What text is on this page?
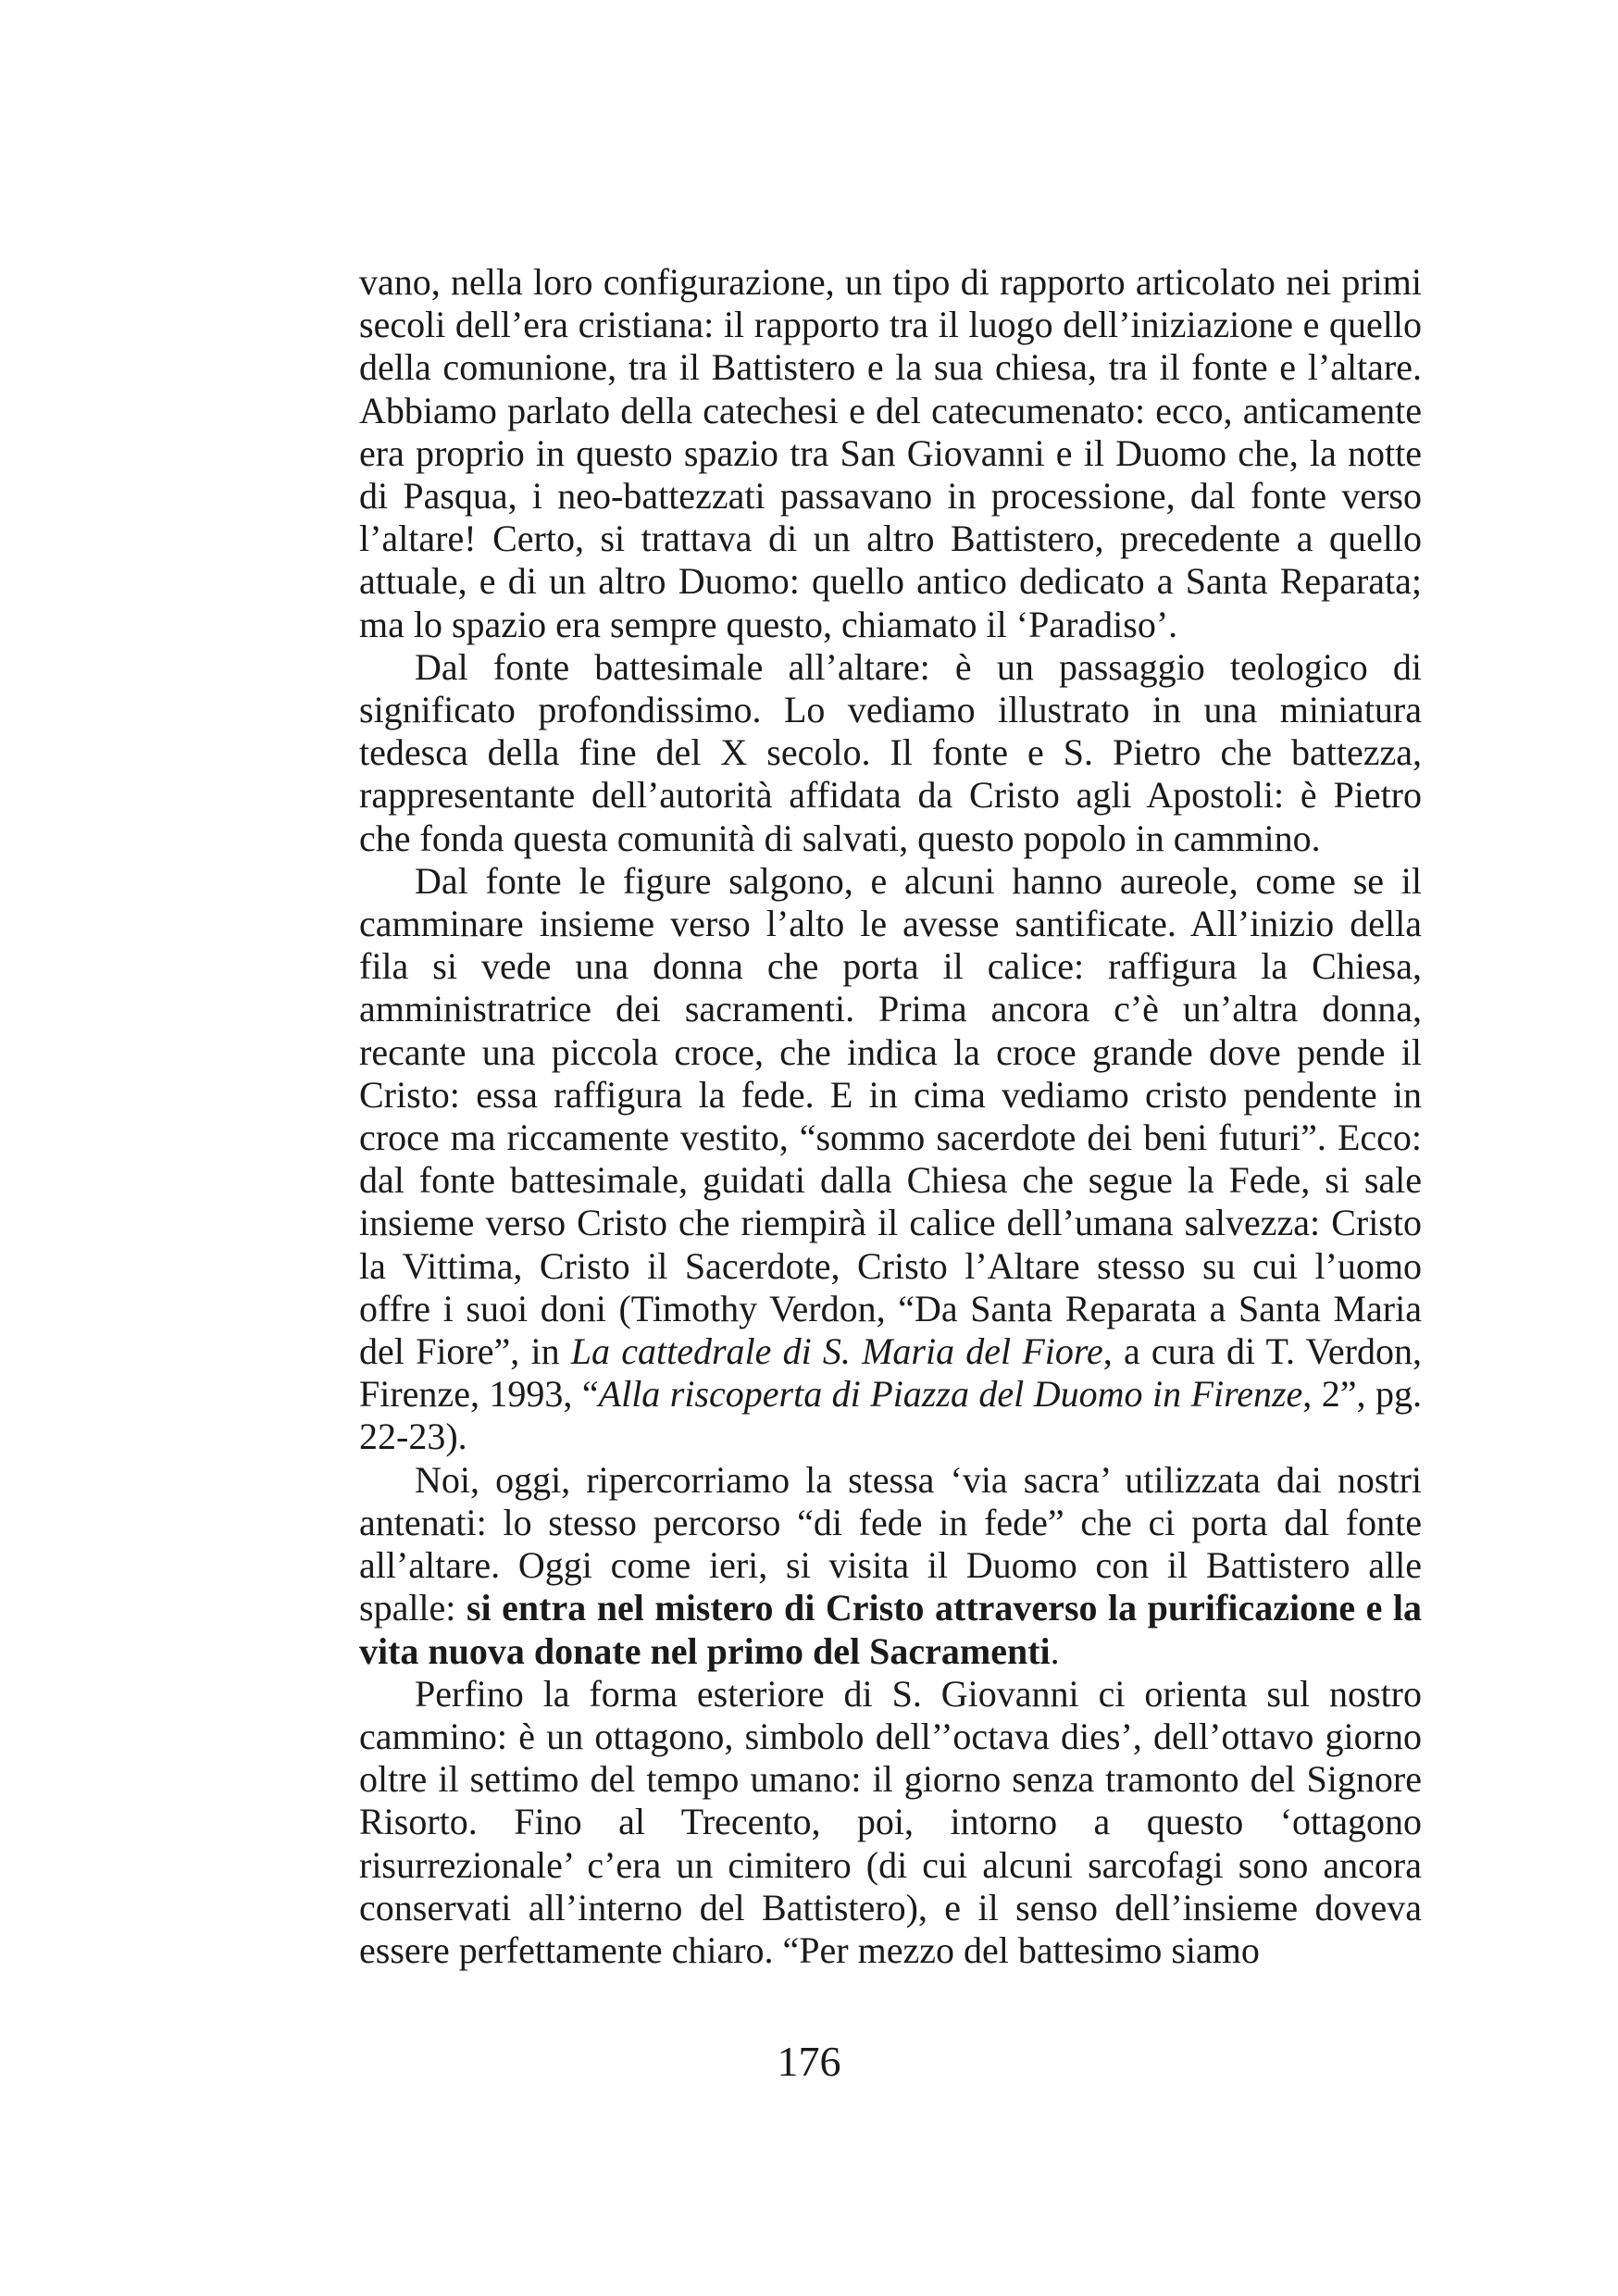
vano, nella loro configurazione, un tipo di rapporto articolato nei primi secoli dell’era cristiana: il rapporto tra il luogo dell’iniziazione e quello della comunione, tra il Battistero e la sua chiesa, tra il fonte e l’altare. Abbiamo parlato della catechesi e del catecumenato: ecco, anticamente era proprio in questo spazio tra San Giovanni e il Duomo che, la notte di Pasqua, i neo-battezzati passavano in processione, dal fonte verso l’altare! Certo, si trattava di un altro Battistero, precedente a quello attuale, e di un altro Duomo: quello antico dedicato a Santa Reparata; ma lo spazio era sempre questo, chiamato il ‘Paradiso’.

Dal fonte battesimale all’altare: è un passaggio teologico di significato profondissimo. Lo vediamo illustrato in una miniatura tedesca della fine del X secolo. Il fonte e S. Pietro che battezza, rappresentante dell’autorità affidata da Cristo agli Apostoli: è Pietro che fonda questa comunità di salvati, questo popolo in cammino.

Dal fonte le figure salgono, e alcuni hanno aureole, come se il camminare insieme verso l’alto le avesse santificate. All’inizio della fila si vede una donna che porta il calice: raffigura la Chiesa, amministratrice dei sacramenti. Prima ancora c’è un’altra donna, recante una piccola croce, che indica la croce grande dove pende il Cristo: essa raffigura la fede. E in cima vediamo cristo pendente in croce ma riccamente vestito, “sommo sacerdote dei beni futuri”. Ecco: dal fonte battesimale, guidati dalla Chiesa che segue la Fede, si sale insieme verso Cristo che riempirà il calice dell’umana salvezza: Cristo la Vittima, Cristo il Sacerdote, Cristo l’Altare stesso su cui l’uomo offre i suoi doni (Timothy Verdon, “Da Santa Reparata a Santa Maria del Fiore”, in La cattedrale di S. Maria del Fiore, a cura di T. Verdon, Firenze, 1993, “Alla riscoperta di Piazza del Duomo in Firenze, 2”, pg. 22-23).

Noi, oggi, ripercorriamo la stessa ‘via sacra’ utilizzata dai nostri antenati: lo stesso percorso “di fede in fede” che ci porta dal fonte all’altare. Oggi come ieri, si visita il Duomo con il Battistero alle spalle: si entra nel mistero di Cristo attraverso la purificazione e la vita nuova donate nel primo del Sacramenti.

Perfino la forma esteriore di S. Giovanni ci orienta sul nostro cammino: è un ottagono, simbolo dell’’octava dies’, dell’ottavo giorno oltre il settimo del tempo umano: il giorno senza tramonto del Signore Risorto. Fino al Trecento, poi, intorno a questo ‘ottagono risurrezionale’ c’era un cimitero (di cui alcuni sarcofagi sono ancora conservati all’interno del Battistero), e il senso dell’insieme doveva essere perfettamente chiaro. “Per mezzo del battesimo siamo

176
